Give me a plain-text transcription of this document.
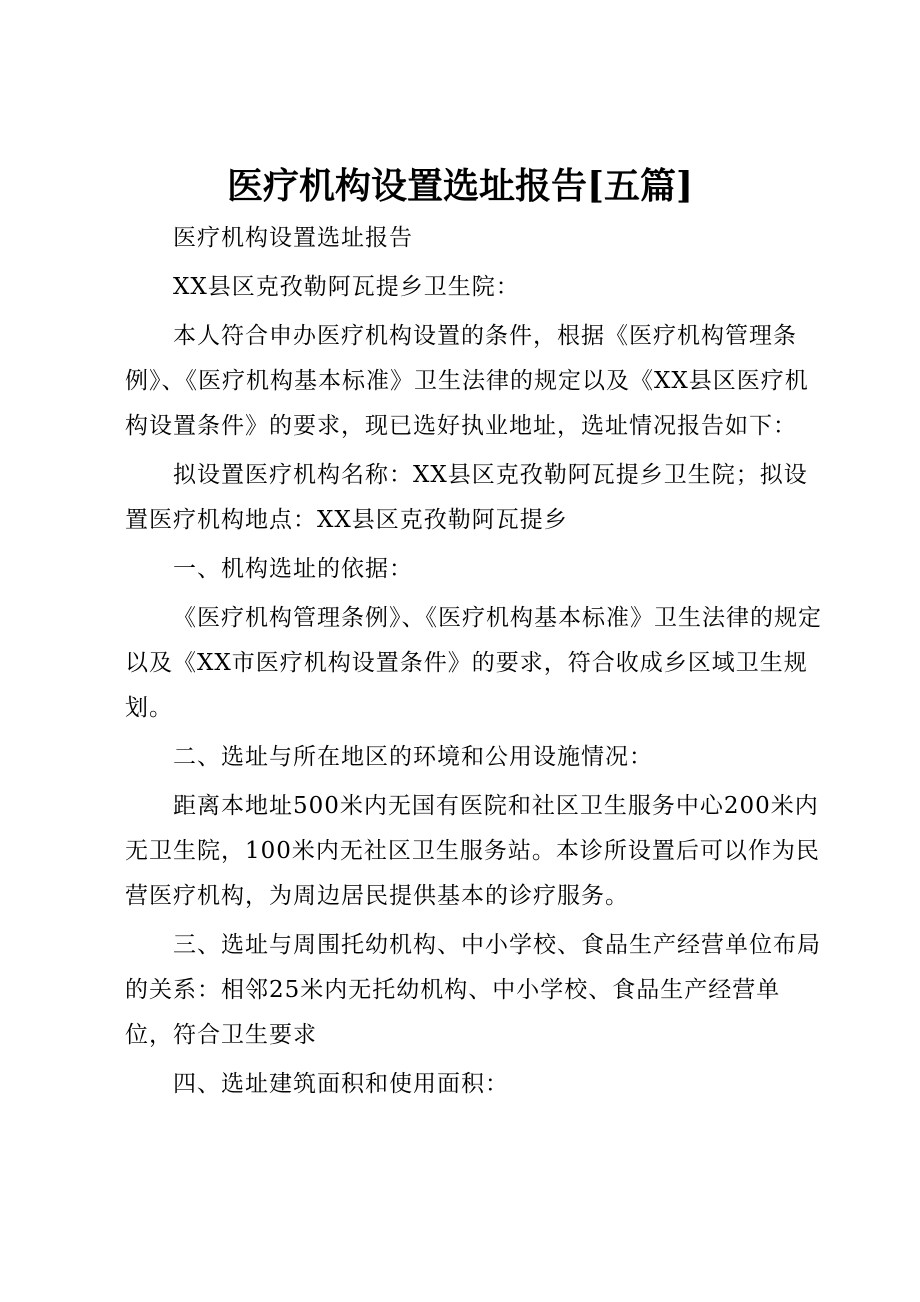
医疗机构设置选址报告[五篇]

医疗机构设置选址报告

XX县区克孜勒阿瓦提乡卫生院：

本人符合申办医疗机构设置的条件，根据《医疗机构管理条例》、《医疗机构基本标准》卫生法律的规定以及《XX县区医疗机构设置条件》的要求，现已选好执业地址，选址情况报告如下：

拟设置医疗机构名称：XX县区克孜勒阿瓦提乡卫生院；拟设置医疗机构地点：XX县区克孜勒阿瓦提乡

一、机构选址的依据：

《医疗机构管理条例》、《医疗机构基本标准》卫生法律的规定以及《XX市医疗机构设置条件》的要求，符合收成乡区域卫生规划。

二、选址与所在地区的环境和公用设施情况：

距离本地址500米内无国有医院和社区卫生服务中心200米内无卫生院，100米内无社区卫生服务站。本诊所设置后可以作为民营医疗机构，为周边居民提供基本的诊疗服务。

三、选址与周围托幼机构、中小学校、食品生产经营单位布局的关系：相邻25米内无托幼机构、中小学校、食品生产经营单位，符合卫生要求

四、选址建筑面积和使用面积：
